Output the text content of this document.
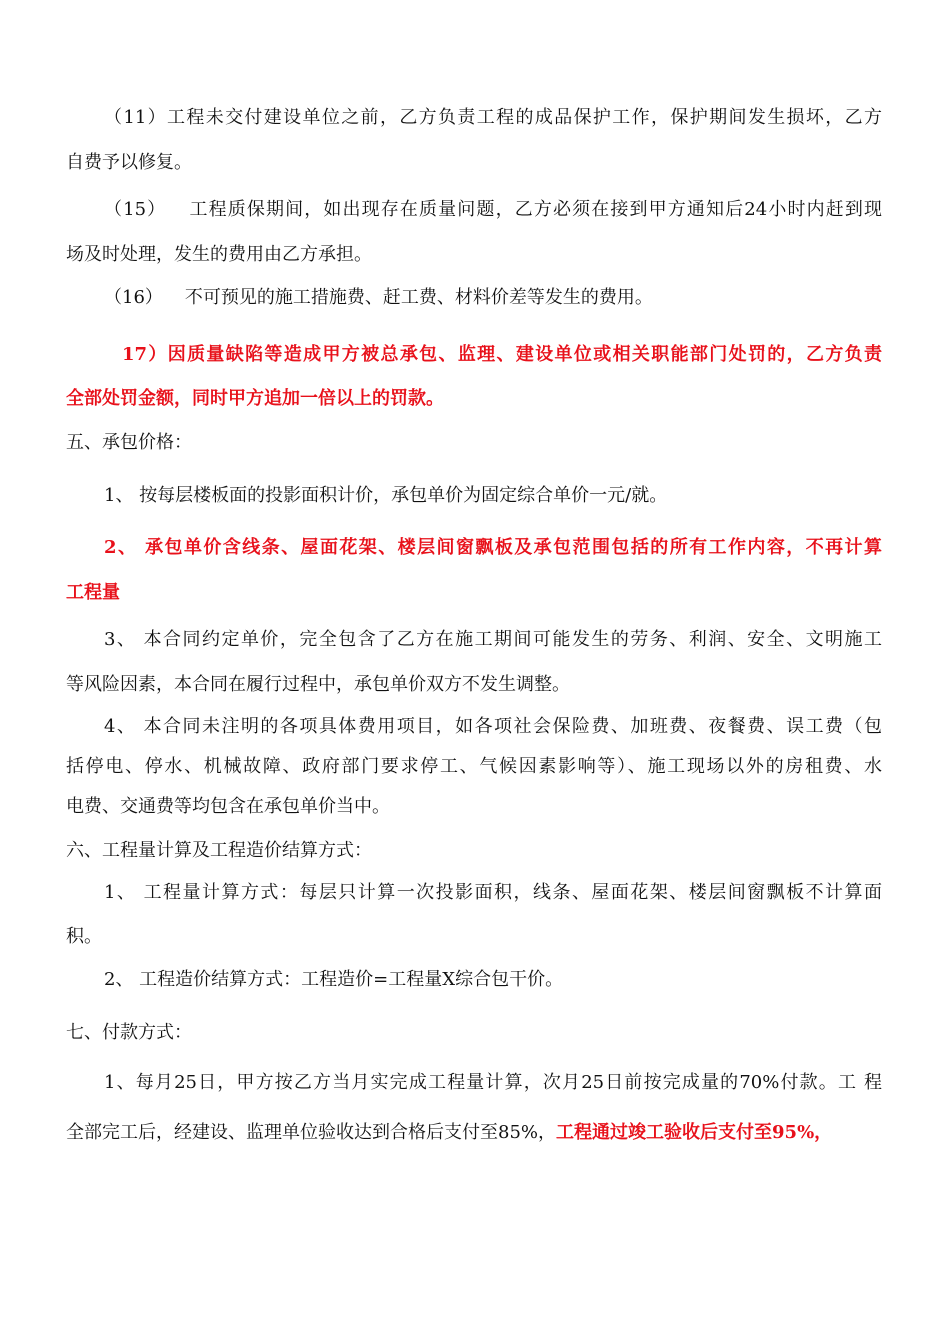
（11）工程未交付建设单位之前，乙方负责工程的成品保护工作，保护期间发生损坏，乙方
自费予以修复。
（15） 工程质保期间，如出现存在质量问题，乙方必须在接到甲方通知后24小时内赶到现
场及时处理，发生的费用由乙方承担。
（16） 不可预见的施工措施费、赶工费、材料价差等发生的费用。
17）因质量缺陷等造成甲方被总承包、监理、建设单位或相关职能部门处罚的，乙方负责
全部处罚金额，同时甲方追加一倍以上的罚款。
五、承包价格：
1、 按每层楼板面的投影面积计价，承包单价为固定综合单价一元/就。
2、 承包单价含线条、屋面花架、楼层间窗飘板及承包范围包括的所有工作内容，不再计算
工程量
3、 本合同约定单价，完全包含了乙方在施工期间可能发生的劳务、利润、安全、文明施工
等风险因素，本合同在履行过程中，承包单价双方不发生调整。
4、 本合同未注明的各项具体费用项目，如各项社会保险费、加班费、夜餐费、误工费（包
括停电、停水、机械故障、政府部门要求停工、气候因素影响等）、施工现场以外的房租费、水
电费、交通费等均包含在承包单价当中。
六、工程量计算及工程造价结算方式：
1、 工程量计算方式：每层只计算一次投影面积，线条、屋面花架、楼层间窗飘板不计算面
积。
2、 工程造价结算方式：工程造价=工程量X综合包干价。
七、付款方式：
1、每月25日，甲方按乙方当月实完成工程量计算，次月25日前按完成量的70%付款。工 程
全部完工后，经建设、监理单位验收达到合格后支付至85%，工程通过竣工验收后支付至95%，
